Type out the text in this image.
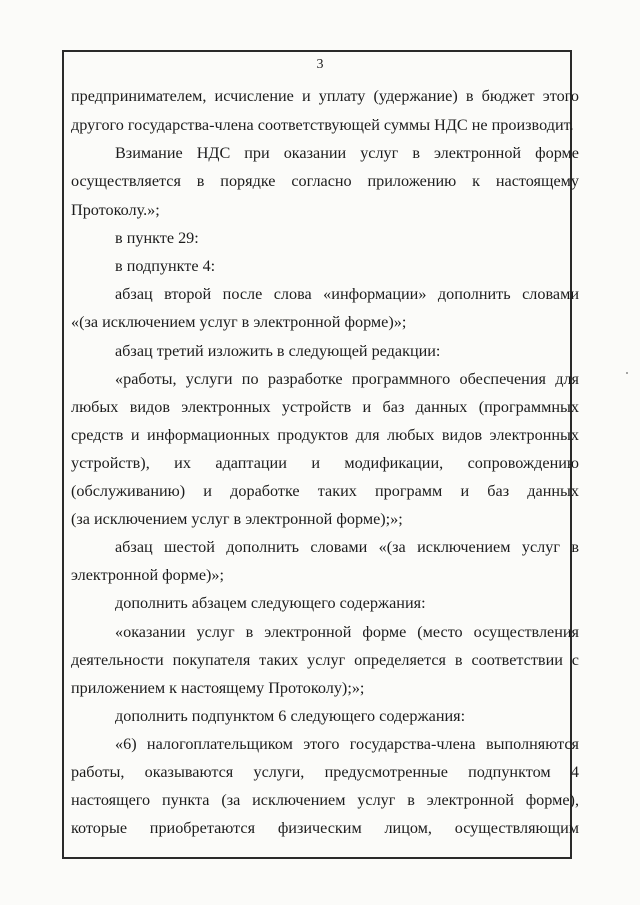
3
предпринимателем, исчисление и уплату (удержание) в бюджет этого
другого государства-члена соответствующей суммы НДС не производит.
Взимание НДС при оказании услуг в электронной форме
осуществляется в порядке согласно приложению к настоящему
Протоколу.»;
в пункте 29:
в подпункте 4:
абзац второй после слова «информации» дополнить словами
«(за исключением услуг в электронной форме)»;
абзац третий изложить в следующей редакции:
«работы, услуги по разработке программного обеспечения для
любых видов электронных устройств и баз данных (программных
средств и информационных продуктов для любых видов электронных
устройств), их адаптации и модификации, сопровождению
(обслуживанию) и доработке таких программ и баз данных
(за исключением услуг в электронной форме);»;
абзац шестой дополнить словами «(за исключением услуг в
электронной форме)»;
дополнить абзацем следующего содержания:
«оказании услуг в электронной форме (место осуществления
деятельности покупателя таких услуг определяется в соответствии с
приложением к настоящему Протоколу);»;
дополнить подпунктом 6 следующего содержания:
«6) налогоплательщиком этого государства-члена выполняются
работы, оказываются услуги, предусмотренные подпунктом 4
настоящего пункта (за исключением услуг в электронной форме),
которые приобретаются физическим лицом, осуществляющим
